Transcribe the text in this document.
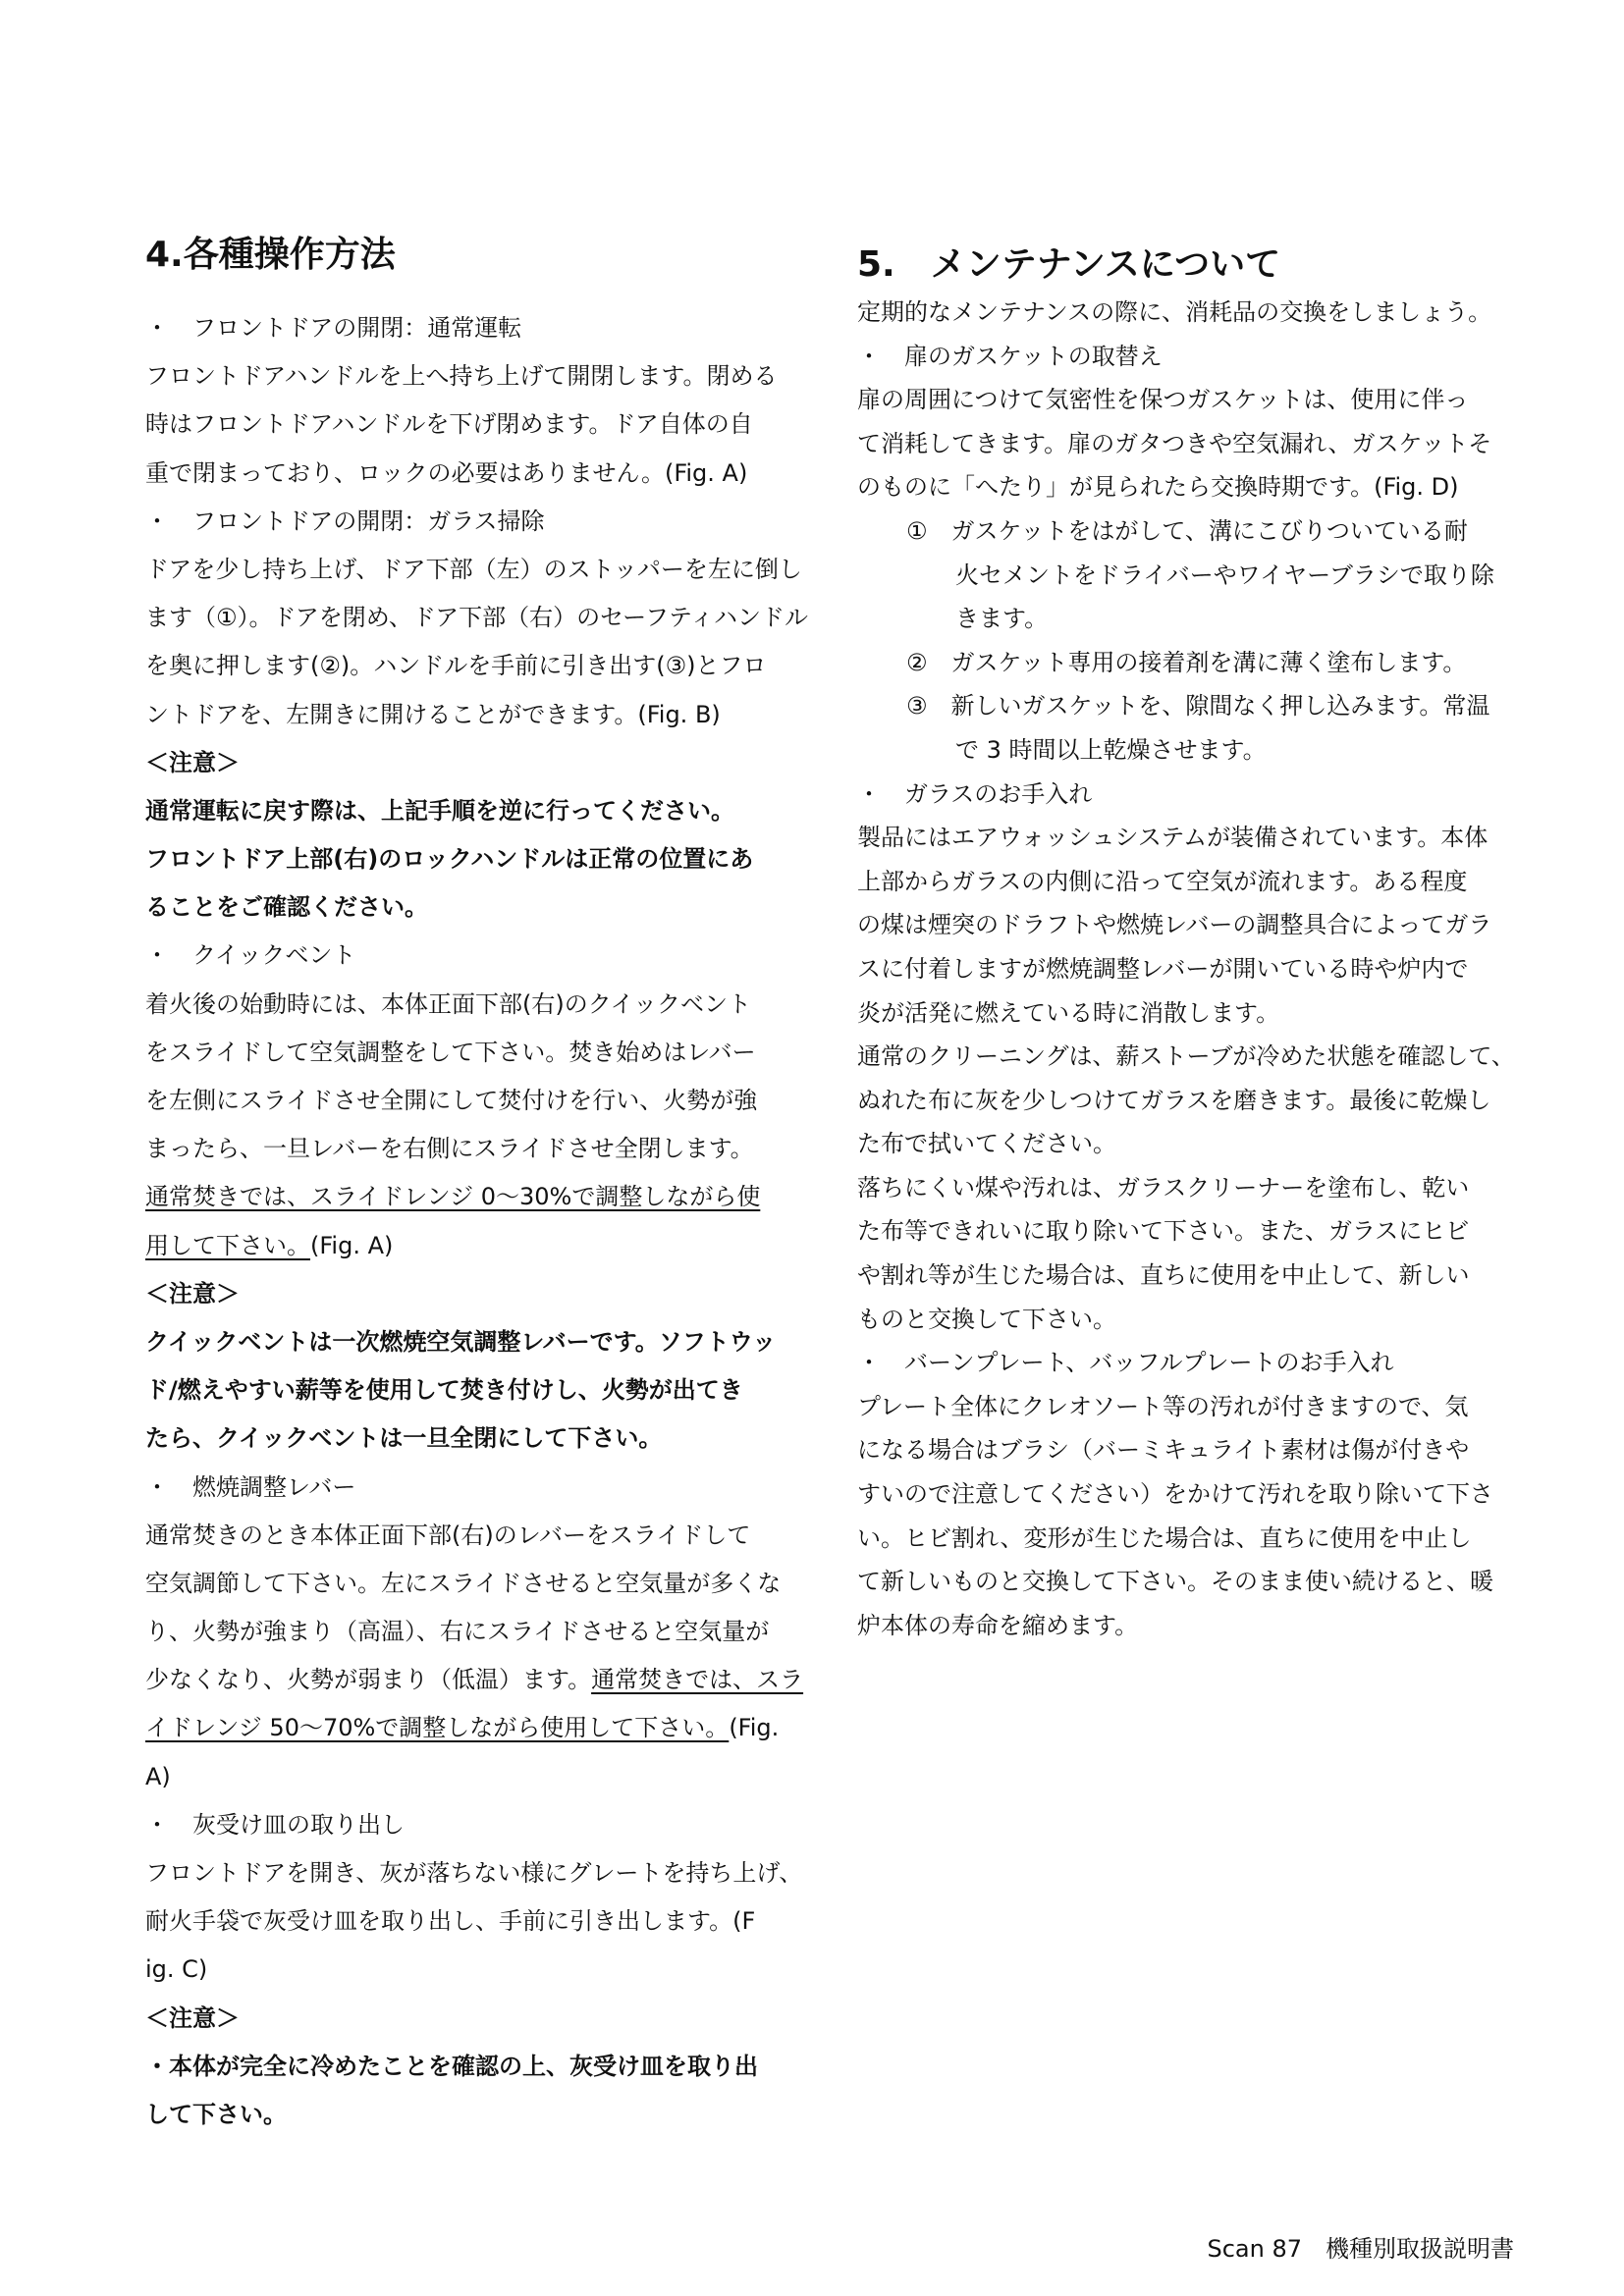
4.各種操作方法
・　フロントドアの開閉：通常運転
フロントドアハンドルを上へ持ち上げて開閉します。閉める
時はフロントドアハンドルを下げ閉めます。ドア自体の自
重で閉まっており、ロックの必要はありません。(Fig. A)
・　フロントドアの開閉：ガラス掃除
ドアを少し持ち上げ、ドア下部（左）のストッパーを左に倒し
ます（①）。ドアを閉め、ドア下部（右）のセーフティハンドル
を奥に押します(②)。ハンドルを手前に引き出す(③)とフロ
ントドアを、左開きに開けることができます。(Fig. B)
＜注意＞
通常運転に戻す際は、上記手順を逆に行ってください。
フロントドア上部(右)のロックハンドルは正常の位置にあ
ることをご確認ください。
・　クイックベント
着火後の始動時には、本体正面下部(右)のクイックベント
をスライドして空気調整をして下さい。焚き始めはレバー
を左側にスライドさせ全開にして焚付けを行い、火勢が強
まったら、一旦レバーを右側にスライドさせ全閉します。
通常焚きでは、スライドレンジ 0～30%で調整しながら使
用して下さい。(Fig. A)
＜注意＞
クイックベントは一次燃焼空気調整レバーです。ソフトウッ
ド/燃えやすい薪等を使用して焚き付けし、火勢が出てき
たら、クイックベントは一旦全閉にして下さい。
・　燃焼調整レバー
通常焚きのとき本体正面下部(右)のレバーをスライドして
空気調節して下さい。左にスライドさせると空気量が多くな
り、火勢が強まり（高温）、右にスライドさせると空気量が
少なくなり、火勢が弱まり（低温）ます。通常焚きでは、スラ
イドレンジ 50～70%で調整しながら使用して下さい。(Fig.
A)
・　灰受け皿の取り出し
フロントドアを開き、灰が落ちない様にグレートを持ち上げ、
耐火手袋で灰受け皿を取り出し、手前に引き出します。(F
ig. C)
＜注意＞
・本体が完全に冷めたことを確認の上、灰受け皿を取り出
して下さい。
5.　メンテナンスについて
定期的なメンテナンスの際に、消耗品の交換をしましょう。
・　扉のガスケットの取替え
扉の周囲につけて気密性を保つガスケットは、使用に伴っ
て消耗してきます。扉のガタつきや空気漏れ、ガスケットそ
のものに「へたり」が見られたら交換時期です。(Fig. D)
①　ガスケットをはがして、溝にこびりついている耐
火セメントをドライバーやワイヤーブラシで取り除
きます。
②　ガスケット専用の接着剤を溝に薄く塗布します。
③　新しいガスケットを、隙間なく押し込みます。常温
で 3 時間以上乾燥させます。
・　ガラスのお手入れ
製品にはエアウォッシュシステムが装備されています。本体
上部からガラスの内側に沿って空気が流れます。ある程度
の煤は煙突のドラフトや燃焼レバーの調整具合によってガラ
スに付着しますが燃焼調整レバーが開いている時や炉内で
炎が活発に燃えている時に消散します。
通常のクリーニングは、薪ストーブが冷めた状態を確認して、
ぬれた布に灰を少しつけてガラスを磨きます。最後に乾燥し
た布で拭いてください。
落ちにくい煤や汚れは、ガラスクリーナーを塗布し、乾い
た布等できれいに取り除いて下さい。また、ガラスにヒビ
や割れ等が生じた場合は、直ちに使用を中止して、新しい
ものと交換して下さい。
・　バーンプレート、バッフルプレートのお手入れ
プレート全体にクレオソート等の汚れが付きますので、気
になる場合はブラシ（バーミキュライト素材は傷が付きや
すいので注意してください）をかけて汚れを取り除いて下さ
い。ヒビ割れ、変形が生じた場合は、直ちに使用を中止し
て新しいものと交換して下さい。そのまま使い続けると、暖
炉本体の寿命を縮めます。
Scan 87　機種別取扱説明書
